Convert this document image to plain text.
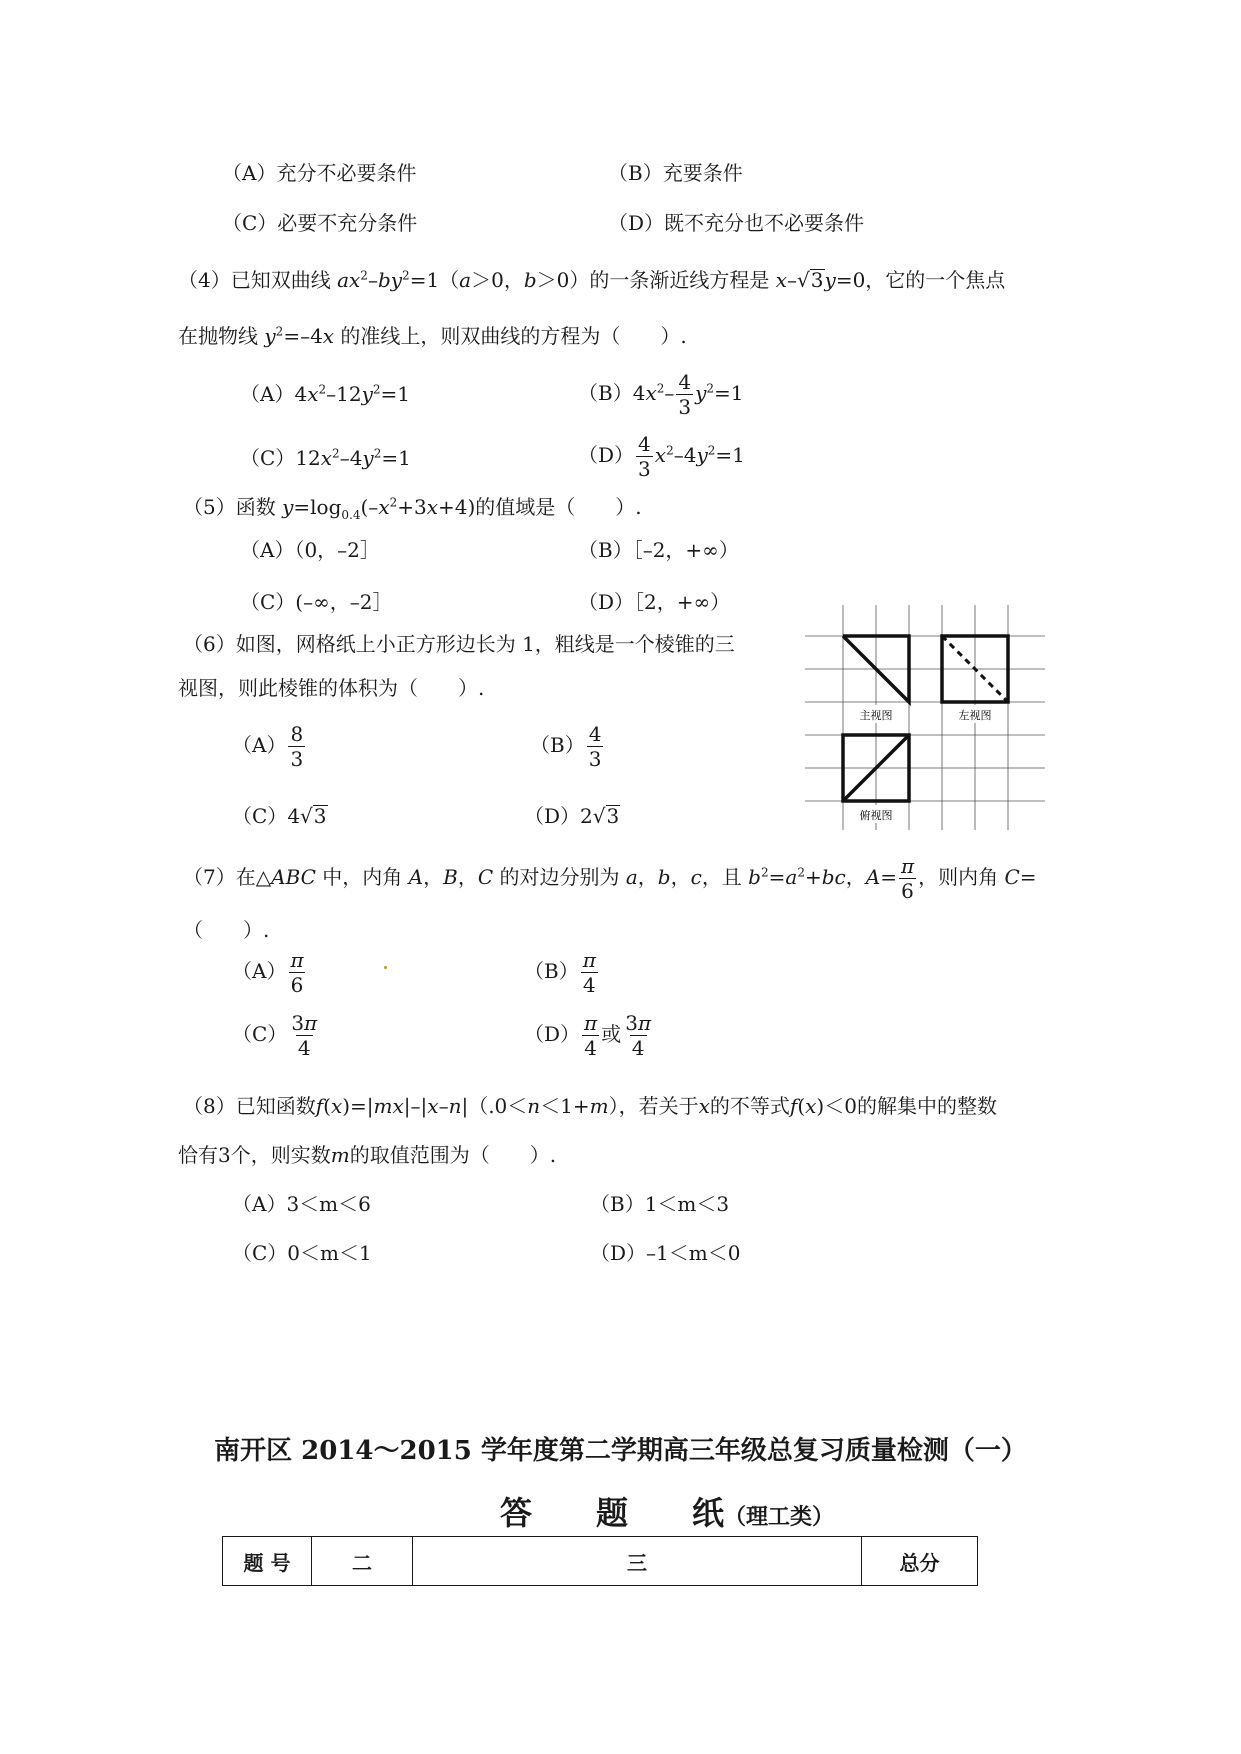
（A）充分不必要条件	（B）充要条件
（C）必要不充分条件	（D）既不充分也不必要条件
（4）已知双曲线 $ax^2-by^2=1(a>0$，b＞0）的一条渐近线方程是 x–√3y=0，它的一个焦点
在抛物线 $y^2=-4x$ 的准线上，则双曲线的方程为（　　）.
$(A)4x^2-12y^2=1$	$(B)4x^2- \frac{4}{3} y^2=1$
$(C)12x^2-4y^2=1$	$(D) \frac{4}{3} x^2-4y^2=1$
（5）函数 $y=\log_{0.4}(-x^2+3x+4)$的值域是（　　）.
（A）（0，–2］	（B）［–2，+∞）
（C）(–∞，–2］	（D）［2，+∞）
（6）如图，网格纸上小正方形边长为 1，粗线是一个棱锥的三
视图，则此棱锥的体积为（　　）.
$(A) \frac{8}{3}$	$(B) \frac{4}{3}$
（C）4√3	（D）2√3
主视图	左视图
俯视图
（7）在△ABC 中，内角 A，B，C 的对边分别为 a，b，c，且 $b^2=a^2+bc$，$A= \frac{\pi}{6}$ ，则内角 C=
（　　）.
$(A) \frac{\pi}{6}$	$(B) \frac{\pi}{4}$
$(C) \frac{3\pi}{4}$	$(D) \frac{\pi}{4}$ 或 $\frac{3\pi}{4}$
（8）已知函数f(x)=|mx|–|x–n|（.0＜n＜1+m），若关于x的不等式f(x)＜0的解集中的整数
恰有3个，则实数m的取值范围为（　　）.
（A）3＜m＜6	（B）1＜m＜3
（C）0＜m＜1	（D）–1＜m＜0
南开区 2014～2015 学年度第二学期高三年级总复习质量检测（一）
答　　题　　纸（理工类）
题 号	二	三	总分
